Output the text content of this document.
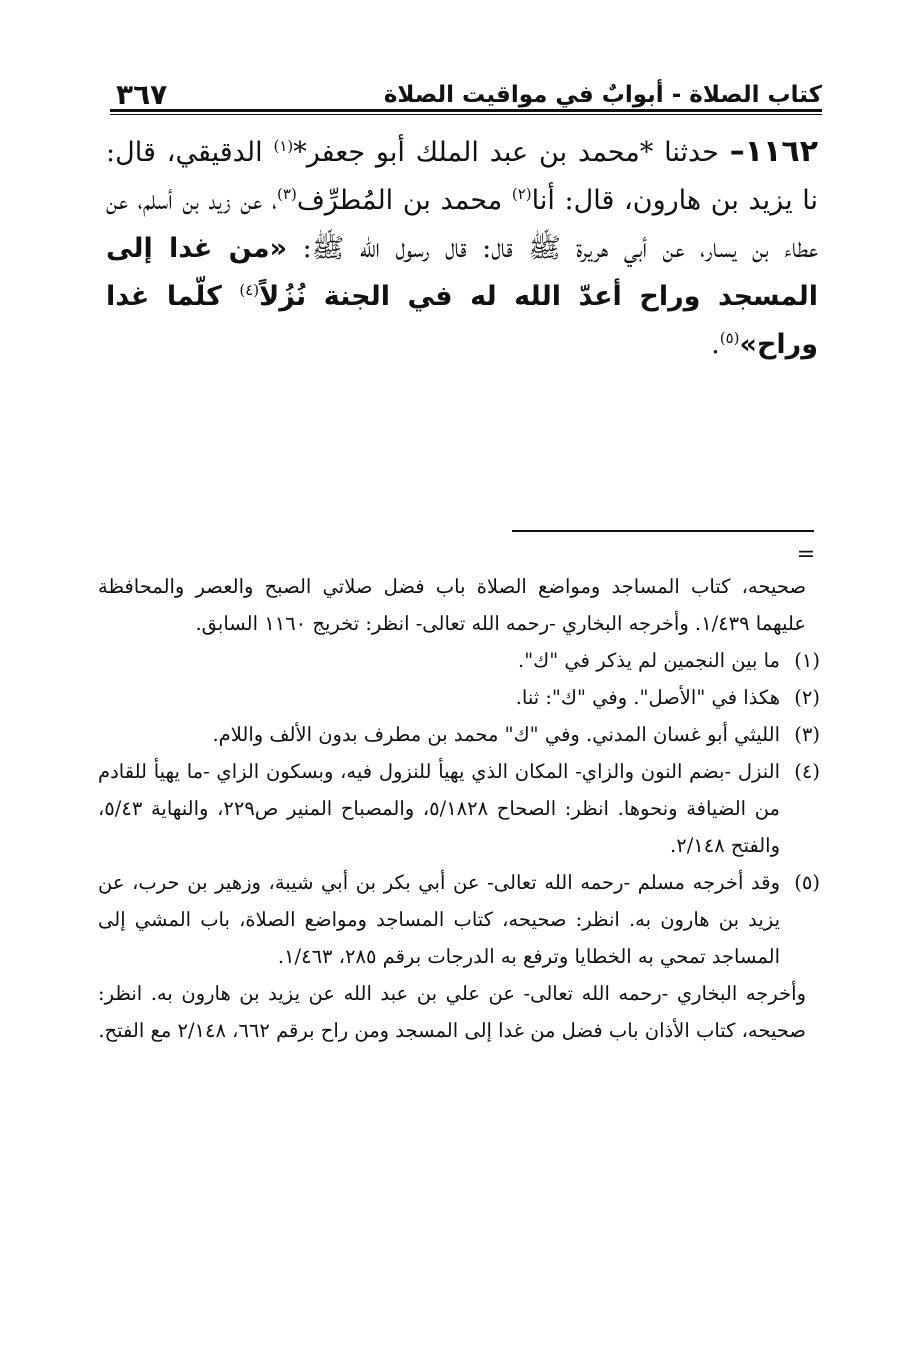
كتاب الصلاة - أبوابٌ في مواقيت الصلاة
٣٦٧

١١٦٢– حدثنا *محمد بن عبد الملك أبو جعفر*$^{(١)}$ الدقيقي، قال: نا يزيد بن هارون، قال: أنا$^{(٢)}$ محمد بن المُطرِّف$^{(٣)}$، عن زيد بن أسلم، عن عطاء بن يسار، عن أبي هريرة ﷺ قال: قال رسول الله ﷺ: «من غدا إلى المسجد وراح أعدّ الله له في الجنة نُزُلاً$^{(٤)}$ كلّما غدا وراح»$^{(٥)}$.

=

صحيحه، كتاب المساجد ومواضع الصلاة باب فضل صلاتي الصبح والعصر والمحافظة عليهما ١/٤٣٩. وأخرجه البخاري -رحمه الله تعالى- انظر: تخريج ١١٦٠ السابق.

(١)
ما بين النجمين لم يذكر في "ك".
(٢)
هكذا في "الأصل". وفي "ك": ثنا.
(٣)
الليثي أبو غسان المدني. وفي "ك" محمد بن مطرف بدون الألف واللام.
(٤)
النزل -بضم النون والزاي- المكان الذي يهيأ للنزول فيه، وبسكون الزاي -ما يهيأ للقادم من الضيافة ونحوها. انظر: الصحاح ٥/١٨٢٨، والمصباح المنير ص٢٢٩، والنهاية ٥/٤٣، والفتح ٢/١٤٨.
(٥)
وقد أخرجه مسلم -رحمه الله تعالى- عن أبي بكر بن أبي شيبة، وزهير بن حرب، عن يزيد بن هارون به. انظر: صحيحه، كتاب المساجد ومواضع الصلاة، باب المشي إلى المساجد تمحي به الخطايا وترفع به الدرجات برقم ٢٨٥، ١/٤٦٣.

وأخرجه البخاري -رحمه الله تعالى- عن علي بن عبد الله عن يزيد بن هارون به. انظر: صحيحه، كتاب الأذان باب فضل من غدا إلى المسجد ومن راح برقم ٦٦٢، ٢/١٤٨ مع الفتح.
